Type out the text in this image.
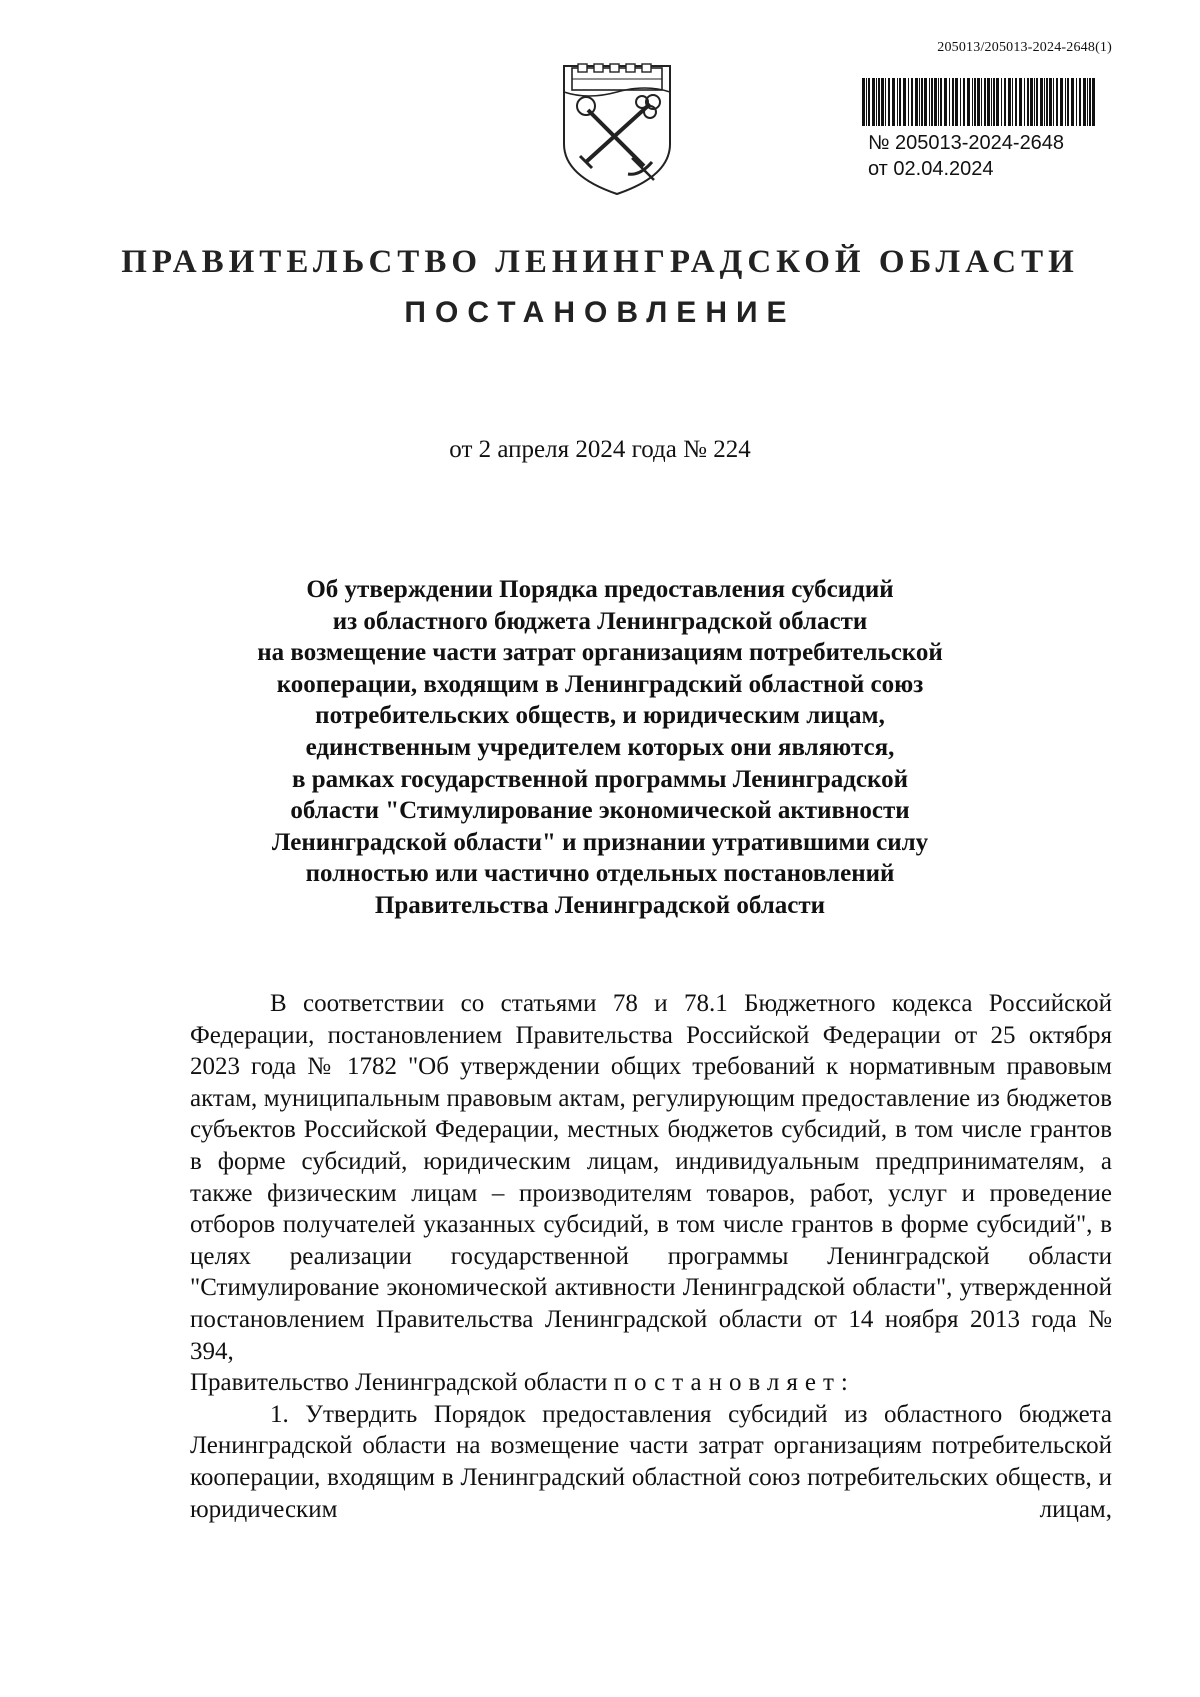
205013/205013-2024-2648(1)
№ 205013-2024-2648
от 02.04.2024
ПРАВИТЕЛЬСТВО ЛЕНИНГРАДСКОЙ ОБЛАСТИ
ПОСТАНОВЛЕНИЕ
от 2 апреля 2024 года № 224
Об утверждении Порядка предоставления субсидий
из областного бюджета Ленинградской области
на возмещение части затрат организациям потребительской
кооперации, входящим в Ленинградский областной союз
потребительских обществ, и юридическим лицам,
единственным учредителем которых они являются,
в рамках государственной программы Ленинградской
области "Стимулирование экономической активности
Ленинградской области" и признании утратившими силу
полностью или частично отдельных постановлений
Правительства Ленинградской области

В соответствии со статьями 78 и 78.1 Бюджетного кодекса Российской Федерации, постановлением Правительства Российской Федерации от 25 октября 2023 года № 1782 "Об утверждении общих требований к нормативным правовым актам, муниципальным правовым актам, регулирующим предоставление из бюджетов субъектов Российской Федерации, местных бюджетов субсидий, в том числе грантов в форме субсидий, юридическим лицам, индивидуальным предпринимателям, а также физическим лицам – производителям товаров, работ, услуг и проведение отборов получателей указанных субсидий, в том числе грантов в форме субсидий", в целях реализации государственной программы Ленинградской области "Стимулирование экономической активности Ленинградской области", утвержденной постановлением Правительства Ленинградской области от 14 ноября 2013 года № 394,

Правительство Ленинградской области постановляет:

1. Утвердить Порядок предоставления субсидий из областного бюджета Ленинградской области на возмещение части затрат организациям потребительской кооперации, входящим в Ленинградский областной союз потребительских обществ, и юридическим лицам,
